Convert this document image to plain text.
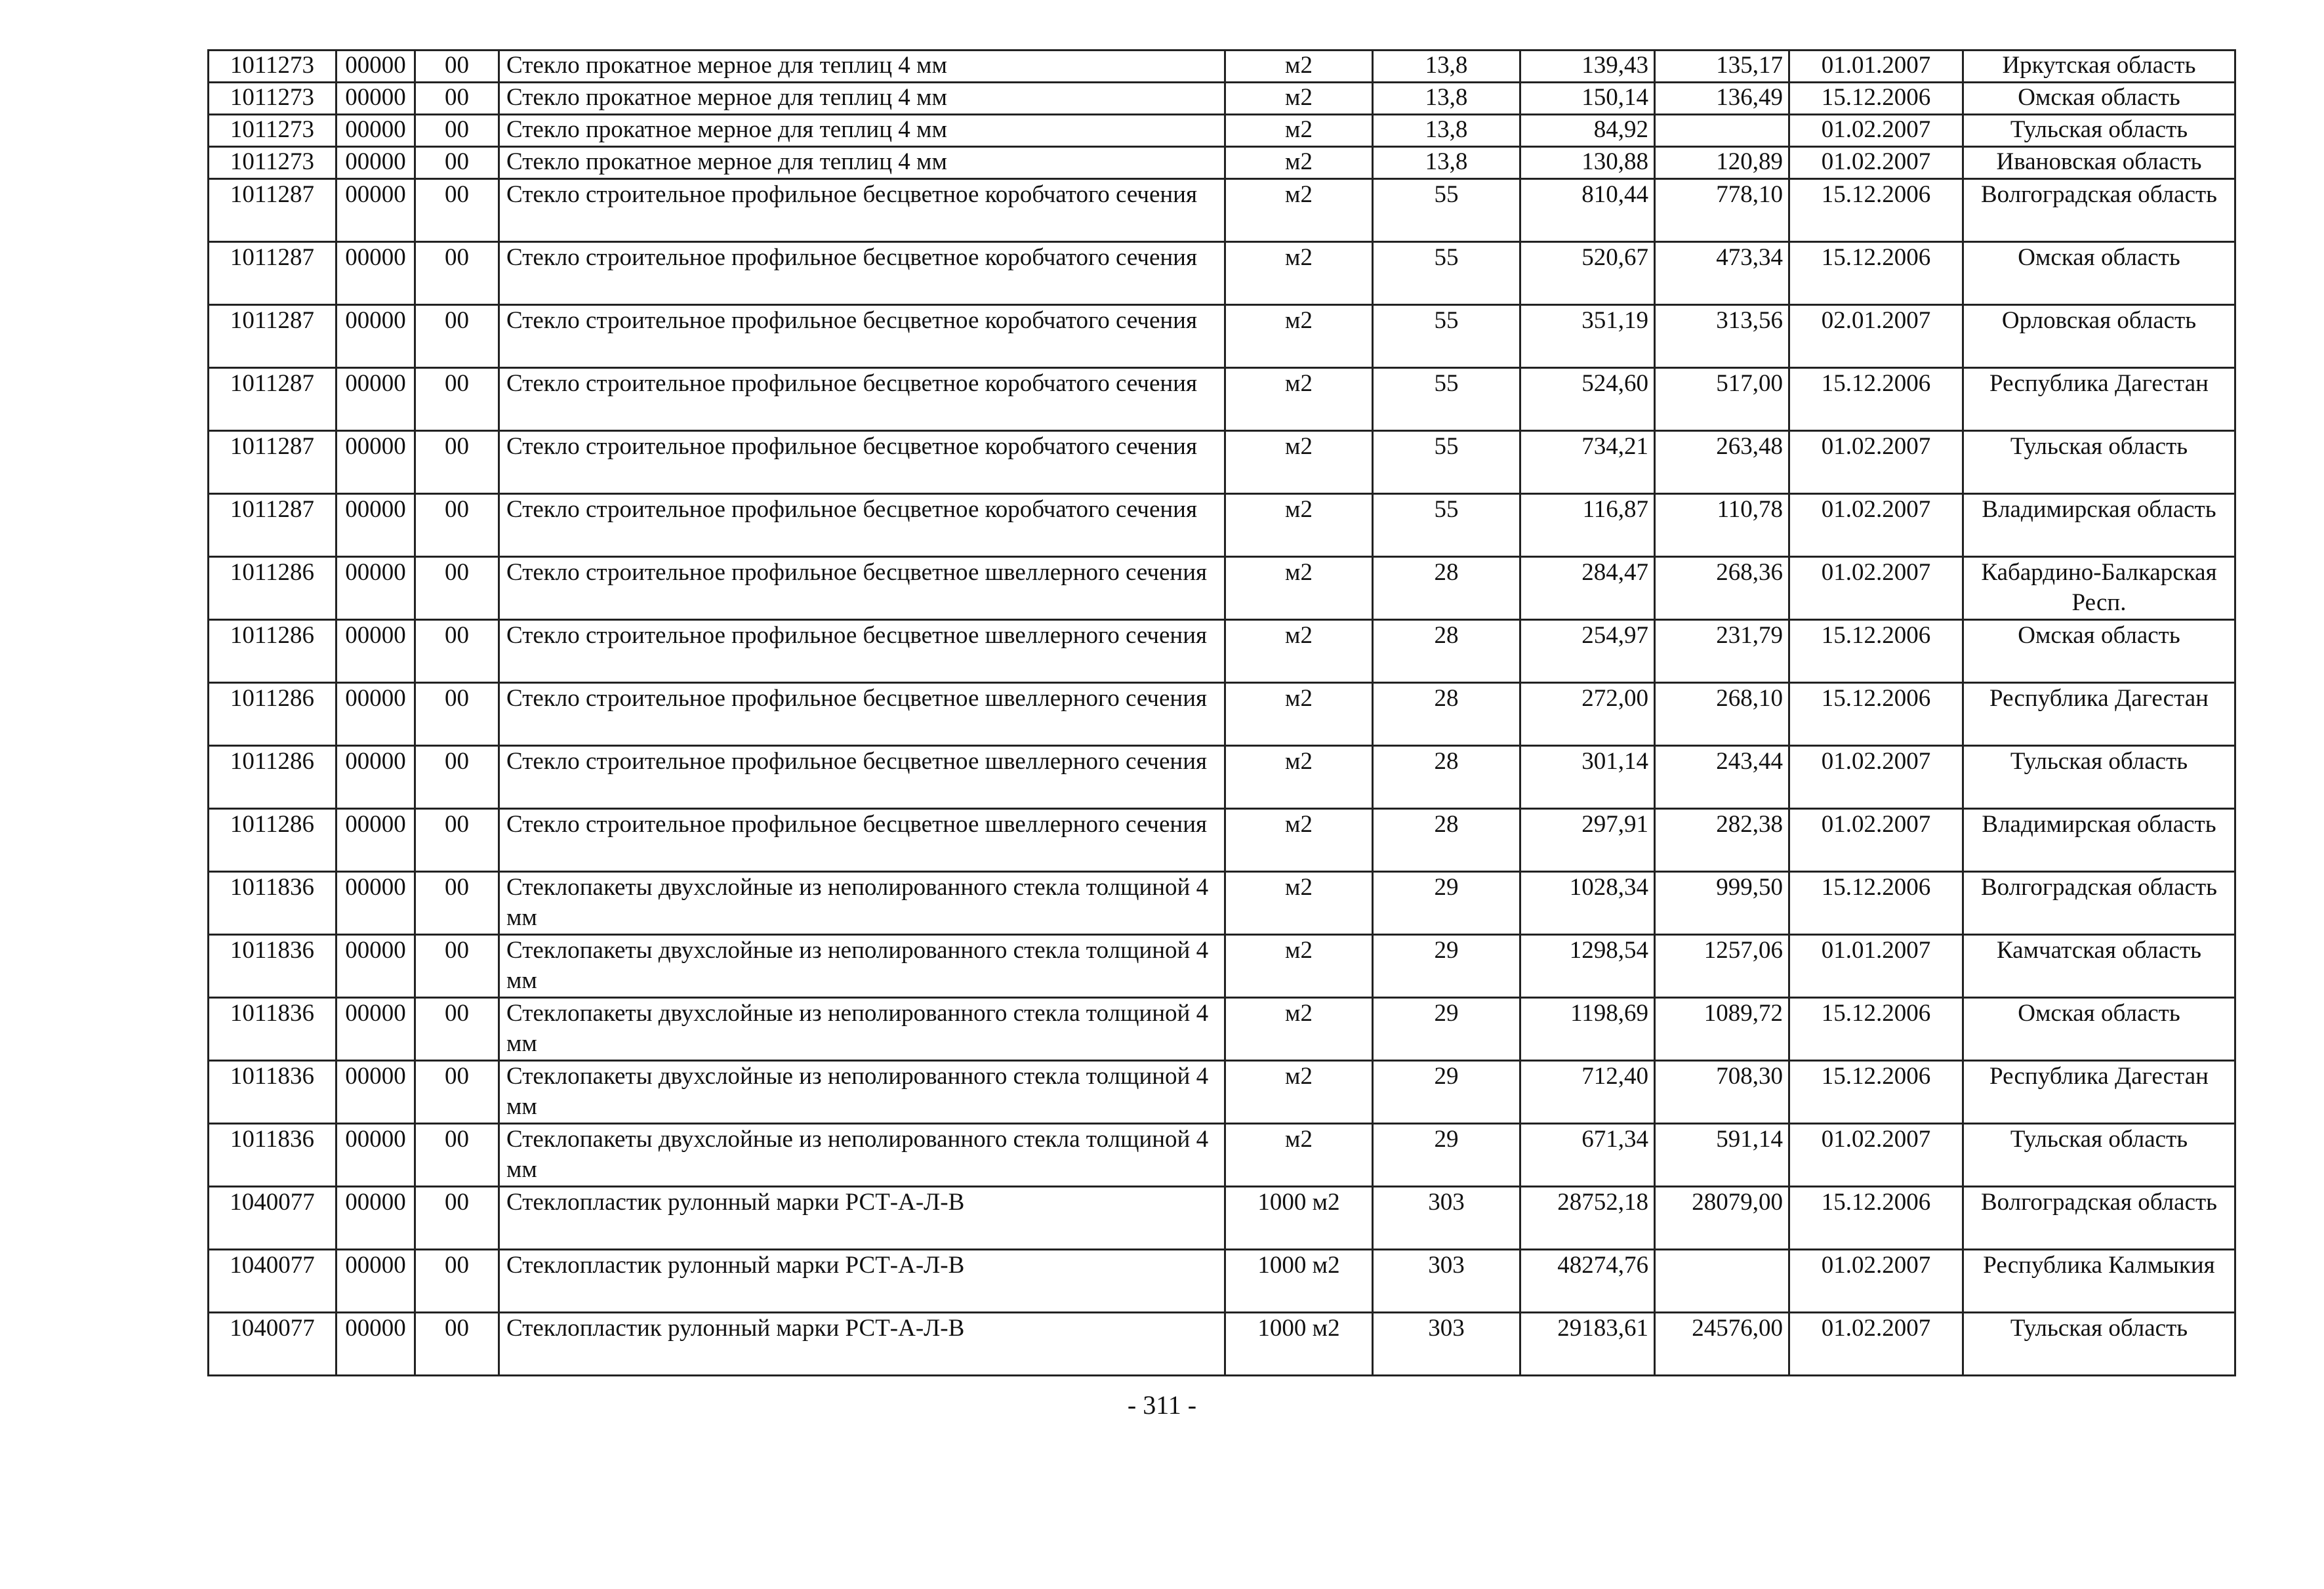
1011273	00000	00	Стекло прокатное мерное для теплиц 4 мм	м2	13,8	139,43	135,17	01.01.2007	Иркутская область
1011273	00000	00	Стекло прокатное мерное для теплиц 4 мм	м2	13,8	150,14	136,49	15.12.2006	Омская область
1011273	00000	00	Стекло прокатное мерное для теплиц 4 мм	м2	13,8	84,92		01.02.2007	Тульская область
1011273	00000	00	Стекло прокатное мерное для теплиц 4 мм	м2	13,8	130,88	120,89	01.02.2007	Ивановская область
1011287	00000	00	Стекло строительное профильное бесцветное коробчатого сечения	м2	55	810,44	778,10	15.12.2006	Волгоградская область
1011287	00000	00	Стекло строительное профильное бесцветное коробчатого сечения	м2	55	520,67	473,34	15.12.2006	Омская область
1011287	00000	00	Стекло строительное профильное бесцветное коробчатого сечения	м2	55	351,19	313,56	02.01.2007	Орловская область
1011287	00000	00	Стекло строительное профильное бесцветное коробчатого сечения	м2	55	524,60	517,00	15.12.2006	Республика Дагестан
1011287	00000	00	Стекло строительное профильное бесцветное коробчатого сечения	м2	55	734,21	263,48	01.02.2007	Тульская область
1011287	00000	00	Стекло строительное профильное бесцветное коробчатого сечения	м2	55	116,87	110,78	01.02.2007	Владимирская область
1011286	00000	00	Стекло строительное профильное бесцветное швеллерного сечения	м2	28	284,47	268,36	01.02.2007	Кабардино-Балкарская Респ.
1011286	00000	00	Стекло строительное профильное бесцветное швеллерного сечения	м2	28	254,97	231,79	15.12.2006	Омская область
1011286	00000	00	Стекло строительное профильное бесцветное швеллерного сечения	м2	28	272,00	268,10	15.12.2006	Республика Дагестан
1011286	00000	00	Стекло строительное профильное бесцветное швеллерного сечения	м2	28	301,14	243,44	01.02.2007	Тульская область
1011286	00000	00	Стекло строительное профильное бесцветное швеллерного сечения	м2	28	297,91	282,38	01.02.2007	Владимирская область
1011836	00000	00	Стеклопакеты двухслойные из неполированного стекла толщиной 4 мм	м2	29	1028,34	999,50	15.12.2006	Волгоградская область
1011836	00000	00	Стеклопакеты двухслойные из неполированного стекла толщиной 4 мм	м2	29	1298,54	1257,06	01.01.2007	Камчатская область
1011836	00000	00	Стеклопакеты двухслойные из неполированного стекла толщиной 4 мм	м2	29	1198,69	1089,72	15.12.2006	Омская область
1011836	00000	00	Стеклопакеты двухслойные из неполированного стекла толщиной 4 мм	м2	29	712,40	708,30	15.12.2006	Республика Дагестан
1011836	00000	00	Стеклопакеты двухслойные из неполированного стекла толщиной 4 мм	м2	29	671,34	591,14	01.02.2007	Тульская область
1040077	00000	00	Стеклопластик рулонный марки РСТ-А-Л-В	1000 м2	303	28752,18	28079,00	15.12.2006	Волгоградская область
1040077	00000	00	Стеклопластик рулонный марки РСТ-А-Л-В	1000 м2	303	48274,76		01.02.2007	Республика Калмыкия
1040077	00000	00	Стеклопластик рулонный марки РСТ-А-Л-В	1000 м2	303	29183,61	24576,00	01.02.2007	Тульская область
- 311 -
